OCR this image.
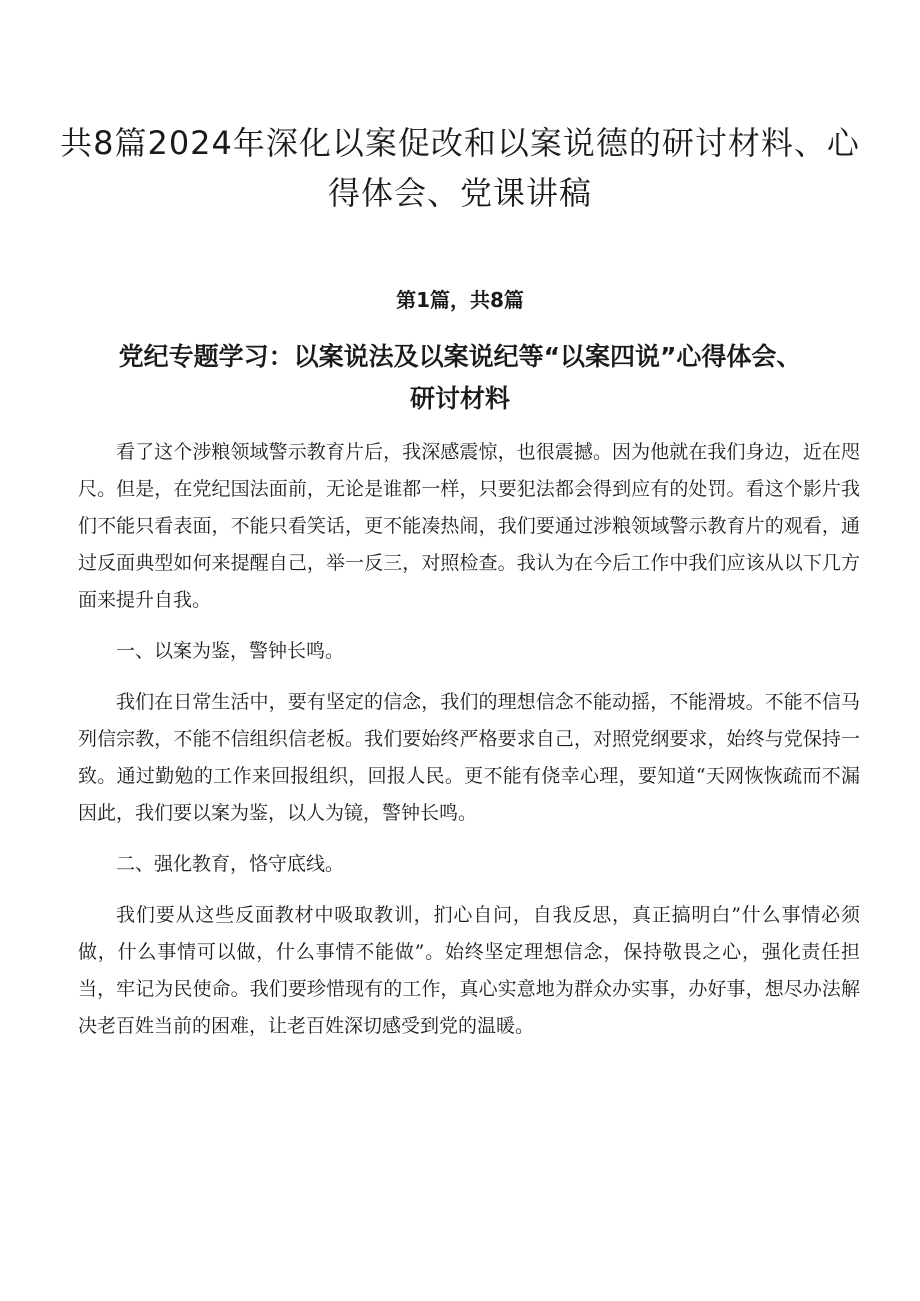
共8篇2024年深化以案促改和以案说德的研讨材料、心得体会、党课讲稿
第1篇，共8篇
党纪专题学习：以案说法及以案说纪等“以案四说”心得体会、研讨材料

看了这个涉粮领域警示教育片后，我深感震惊，也很震撼。因为他就在我们身边，近在咫尺。但是，在党纪国法面前，无论是谁都一样，只要犯法都会得到应有的处罚。看这个影片我们不能只看表面，不能只看笑话，更不能凑热闹，我们要通过涉粮领域警示教育片的观看，通过反面典型如何来提醒自己，举一反三，对照检查。我认为在今后工作中我们应该从以下几方面来提升自我。

一、以案为鉴，警钟长鸣。

我们在日常生活中，要有坚定的信念，我们的理想信念不能动摇，不能滑坡。不能不信马列信宗教，不能不信组织信老板。我们要始终严格要求自己，对照党纲要求，始终与党保持一致。通过勤勉的工作来回报组织，回报人民。更不能有侥幸心理，要知道“天网恢恢疏而不漏因此，我们要以案为鉴，以人为镜，警钟长鸣。

二、强化教育，恪守底线。

我们要从这些反面教材中吸取教训，扪心自问，自我反思，真正搞明白”什么事情必须做，什么事情可以做，什么事情不能做”。始终坚定理想信念，保持敬畏之心，强化责任担当，牢记为民使命。我们要珍惜现有的工作，真心实意地为群众办实事，办好事，想尽办法解决老百姓当前的困难，让老百姓深切感受到党的温暖。
